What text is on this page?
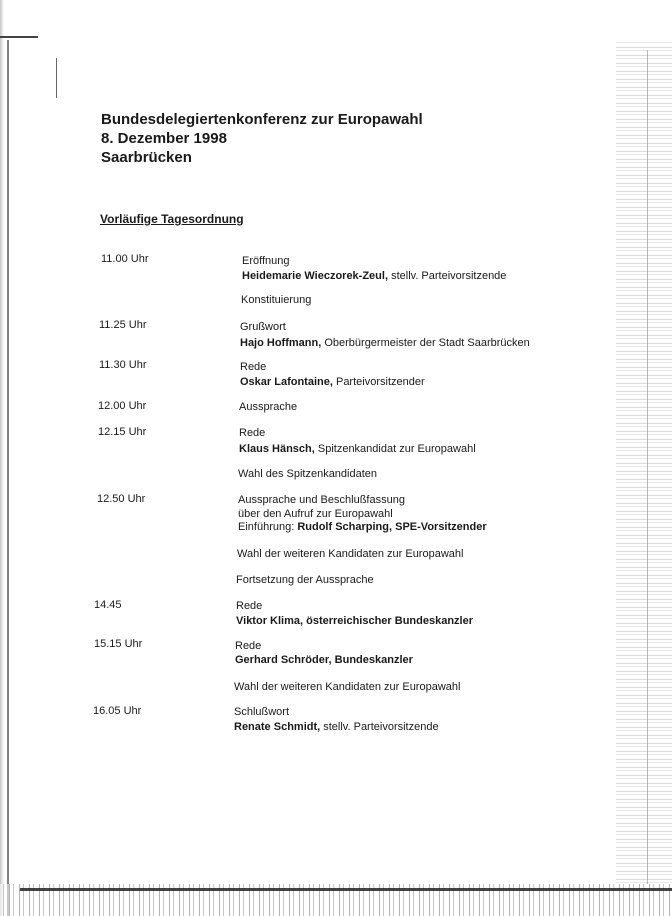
Bundesdelegiertenkonferenz zur Europawahl
8. Dezember 1998
Saarbrücken
Vorläufige Tagesordnung
11.00 Uhr	Eröffnung
Heidemarie Wieczorek-Zeul, stellv. Parteivorsitzende
Konstituierung
11.25 Uhr	Grußwort
Hajo Hoffmann, Oberbürgermeister der Stadt Saarbrücken
11.30 Uhr	Rede
Oskar Lafontaine, Parteivorsitzender
12.00 Uhr	Aussprache
12.15 Uhr	Rede
Klaus Hänsch, Spitzenkandidat zur Europawahl
Wahl des Spitzenkandidaten
12.50 Uhr	Aussprache und Beschlußfassung
über den Aufruf zur Europawahl
Einführung: Rudolf Scharping, SPE-Vorsitzender
Wahl der weiteren Kandidaten zur Europawahl
Fortsetzung der Aussprache
14.45	Rede
Viktor Klima, österreichischer Bundeskanzler
15.15 Uhr	Rede
Gerhard Schröder, Bundeskanzler
Wahl der weiteren Kandidaten zur Europawahl
16.05 Uhr	Schlußwort
Renate Schmidt, stellv. Parteivorsitzende
